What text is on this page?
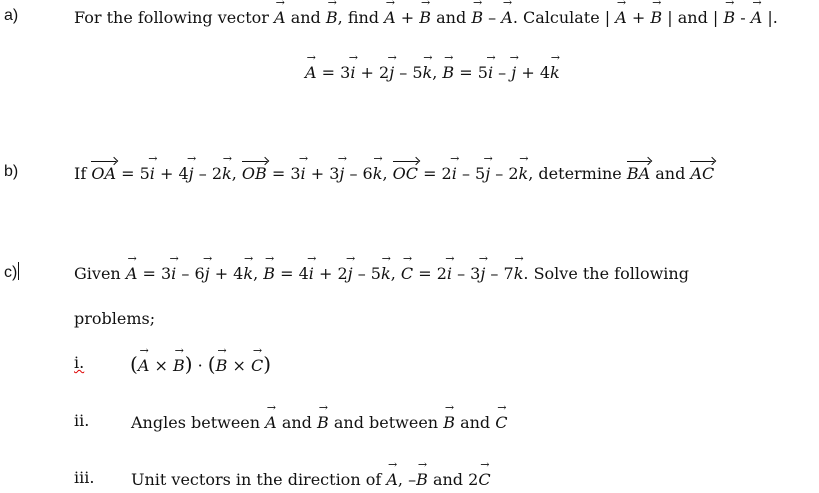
a)	For the following vector → A and → B, find → A + → B and → B – → A. Calculate | → A + → B | and | → B - → A |.
→ A = 3→ i + 2→ j – 5→ k, → B = 5→ i – → j + 4→ k
b)	If OA = 5→ i + 4→ j – 2→ k, OB = 3→ i + 3→ j – 6→ k, OC = 2→ i – 5→ j – 2→ k, determine BA and AC
c)	Given → A = 3→ i – 6→ j + 4→ k, → B = 4→ i + 2→ j – 5→ k, → C = 2→ i – 3→ j – 7→ k. Solve the following
problems;
i. (→ A × → B) · (→ B × → C)
ii.	Angles between → A and → B and between → B and → C
iii. Unit vectors in the direction of → A, –→ B and 2→ C
